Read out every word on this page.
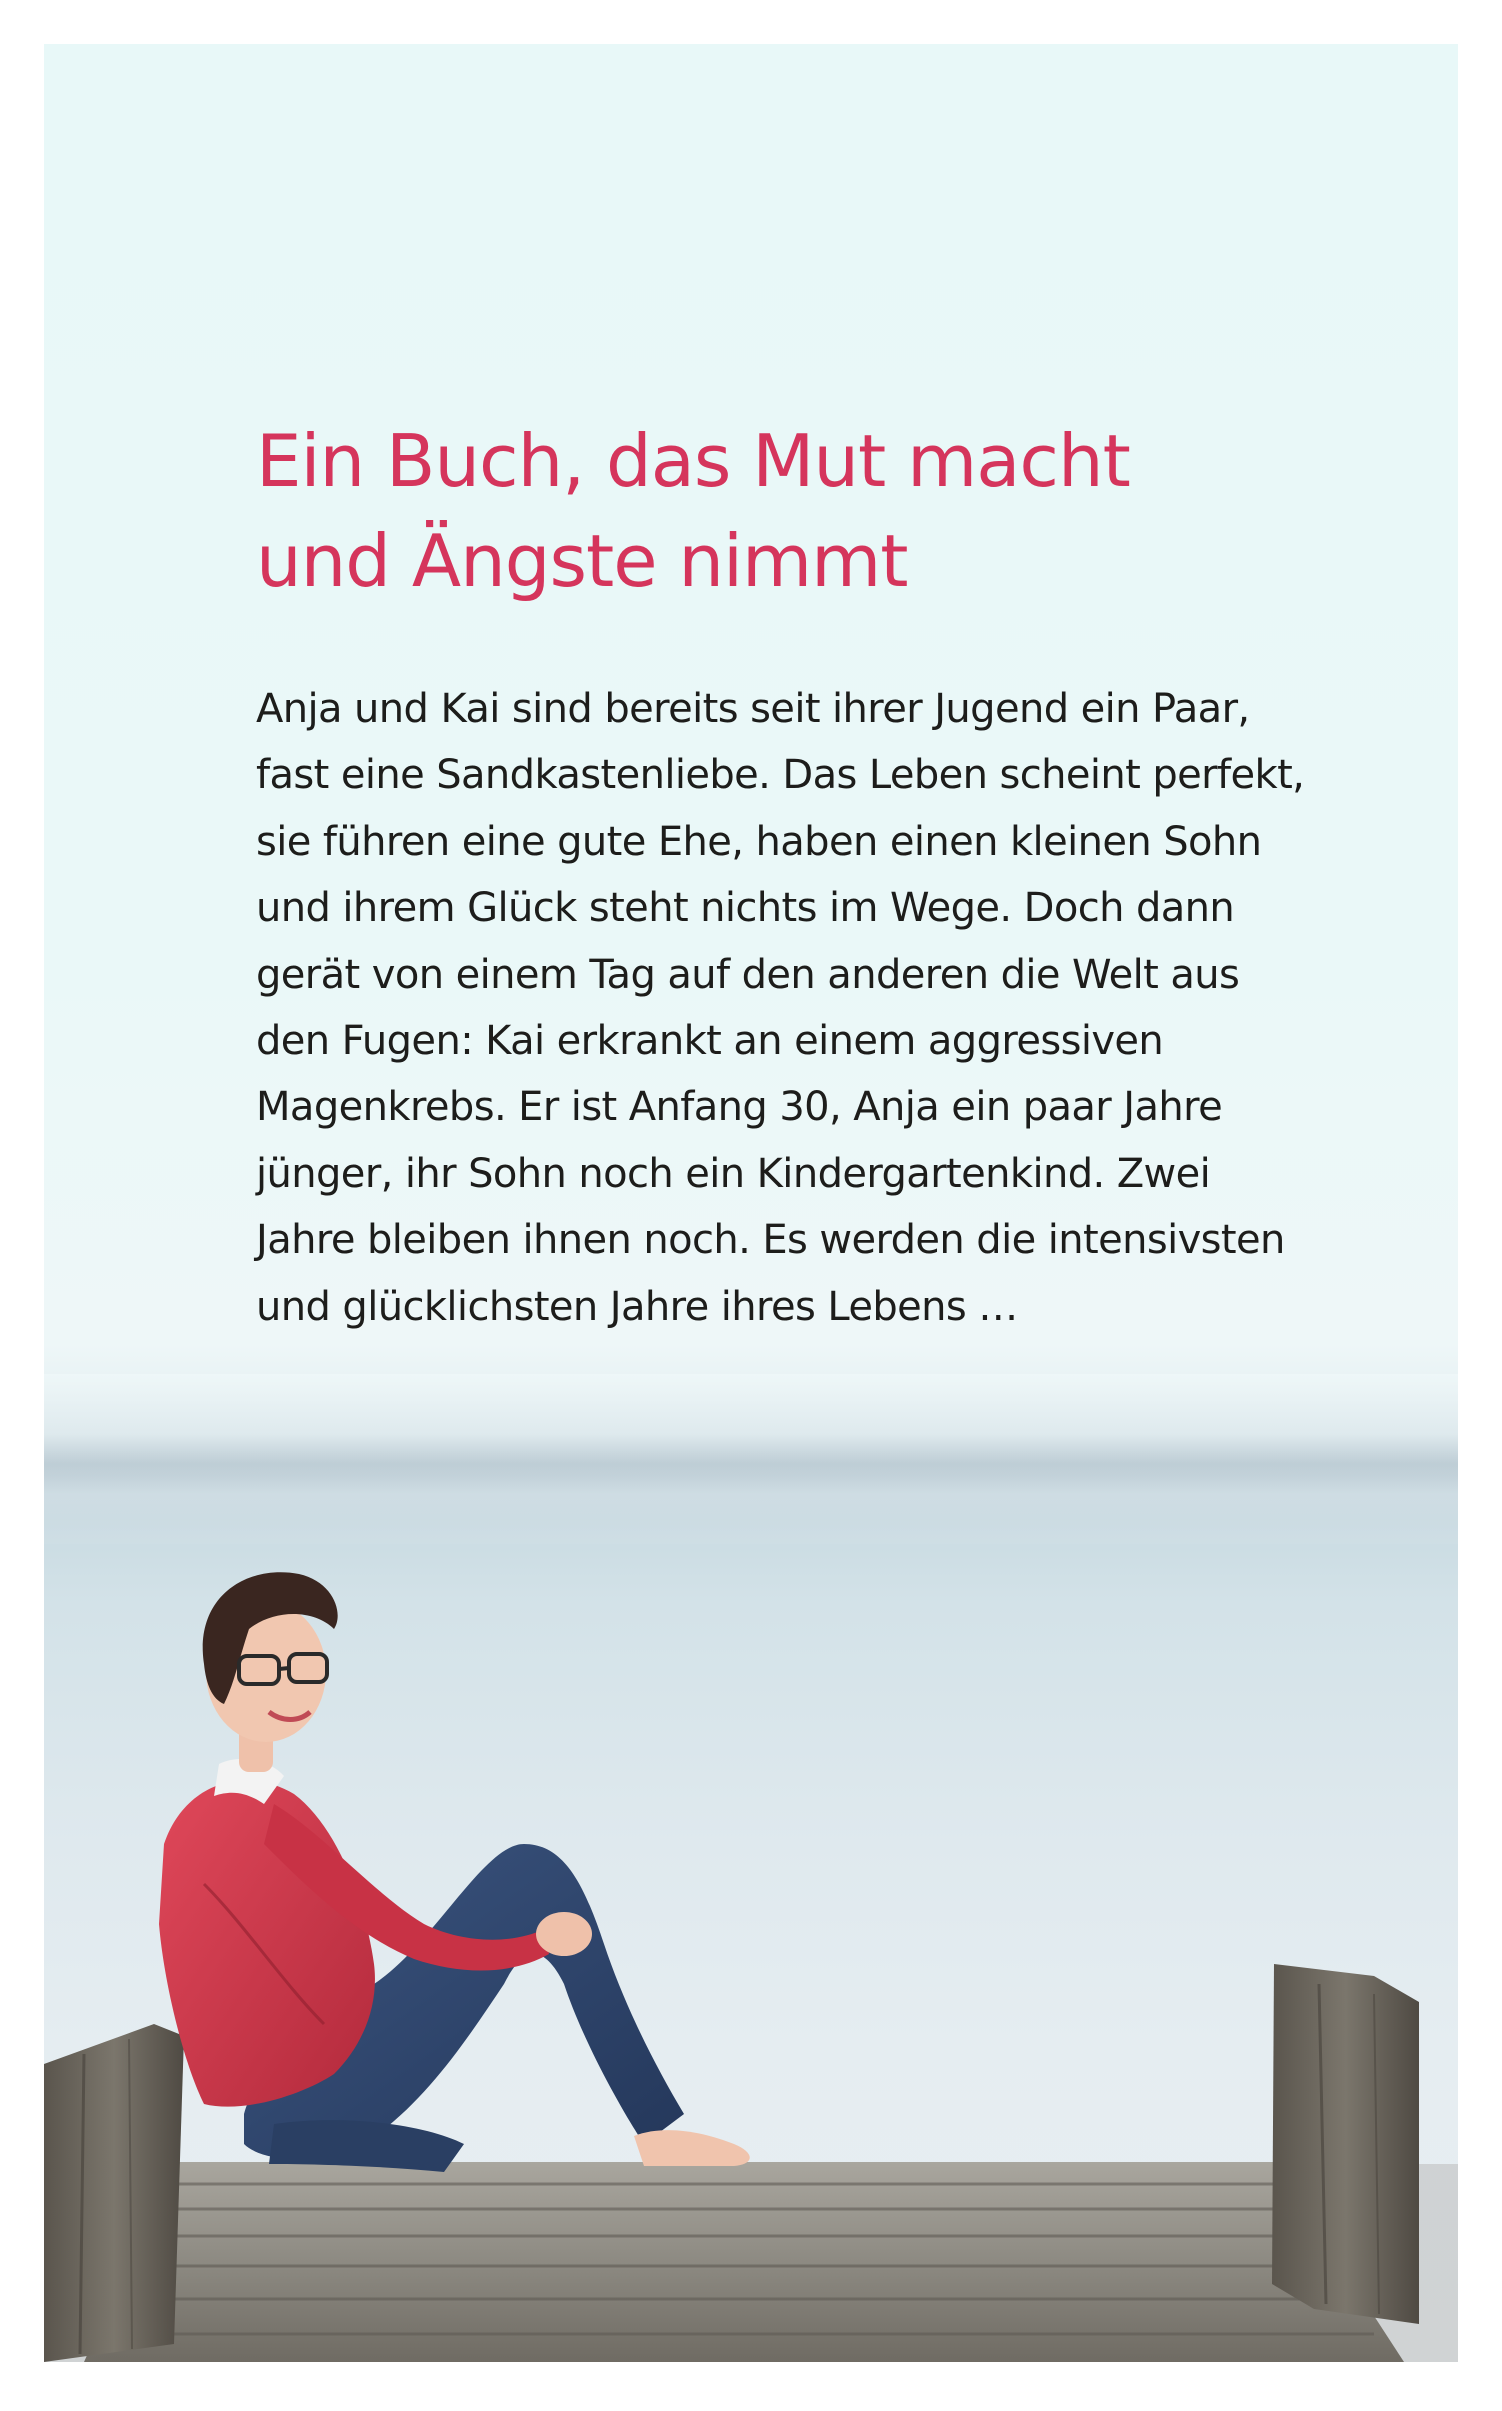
Ein Buch, das Mut macht
und Ängste nimmt

Anja und Kai sind bereits seit ihrer Jugend ein Paar,
fast eine Sandkastenliebe. Das Leben scheint perfekt,
sie führen eine gute Ehe, haben einen kleinen Sohn
und ihrem Glück steht nichts im Wege. Doch dann
gerät von einem Tag auf den anderen die Welt aus
den Fugen: Kai erkrankt an einem aggressiven
Magenkrebs. Er ist Anfang 30, Anja ein paar Jahre
jünger, ihr Sohn noch ein Kindergartenkind. Zwei
Jahre bleiben ihnen noch. Es werden die intensivsten
und glücklichsten Jahre ihres Lebens …
